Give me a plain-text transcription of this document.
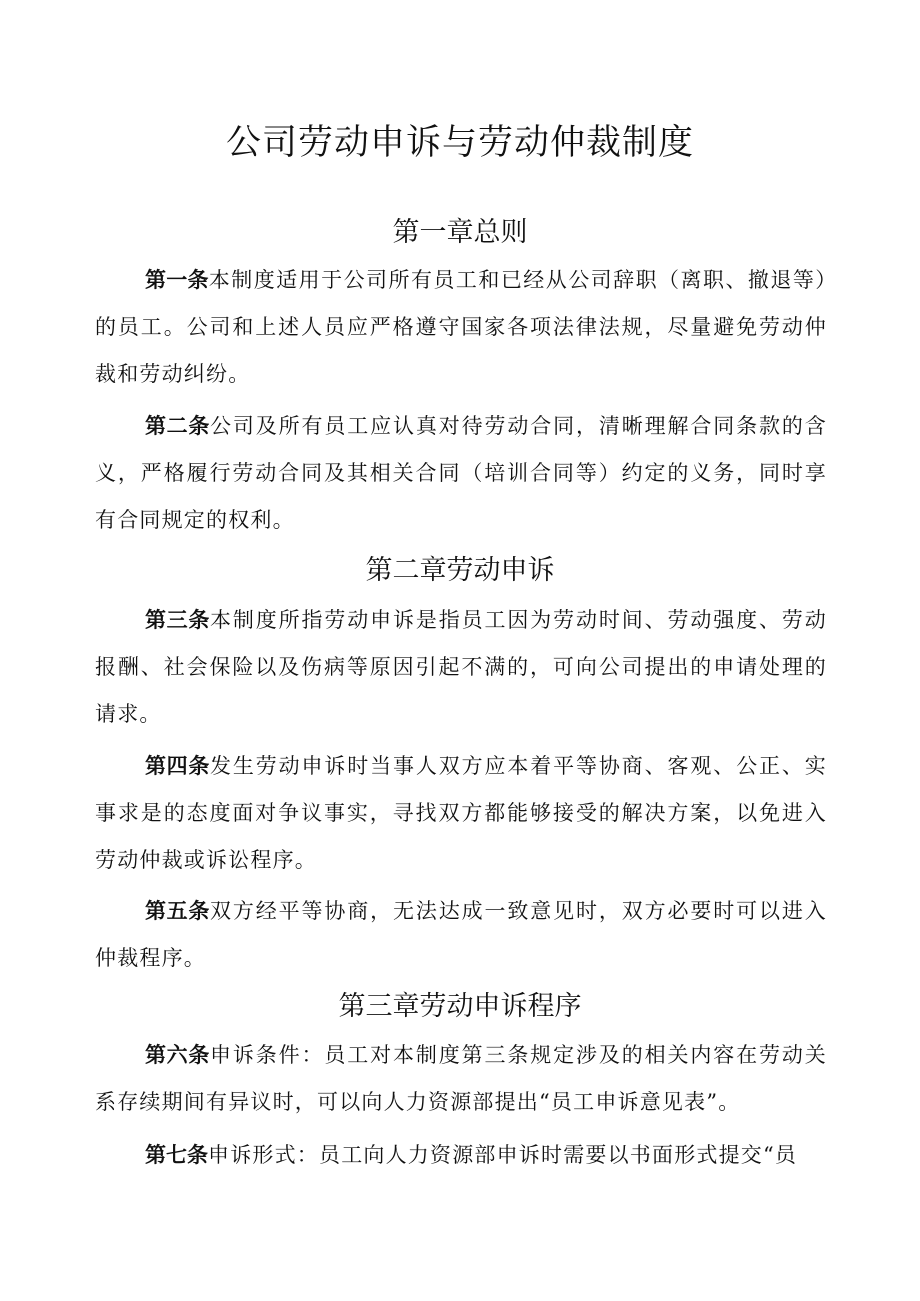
公司劳动申诉与劳动仲裁制度
第一章总则

第一条本制度适用于公司所有员工和已经从公司辞职（离职、撤退等）的员工。公司和上述人员应严格遵守国家各项法律法规，尽量避免劳动仲裁和劳动纠纷。

第二条公司及所有员工应认真对待劳动合同，清晰理解合同条款的含义，严格履行劳动合同及其相关合同（培训合同等）约定的义务，同时享有合同规定的权利。

第二章劳动申诉

第三条本制度所指劳动申诉是指员工因为劳动时间、劳动强度、劳动报酬、社会保险以及伤病等原因引起不满的，可向公司提出的申请处理的请求。

第四条发生劳动申诉时当事人双方应本着平等协商、客观、公正、实事求是的态度面对争议事实，寻找双方都能够接受的解决方案，以免进入劳动仲裁或诉讼程序。

第五条双方经平等协商，无法达成一致意见时，双方必要时可以进入仲裁程序。

第三章劳动申诉程序

第六条申诉条件：员工对本制度第三条规定涉及的相关内容在劳动关系存续期间有异议时，可以向人力资源部提出“员工申诉意见表”。

第七条申诉形式：员工向人力资源部申诉时需要以书面形式提交“员
